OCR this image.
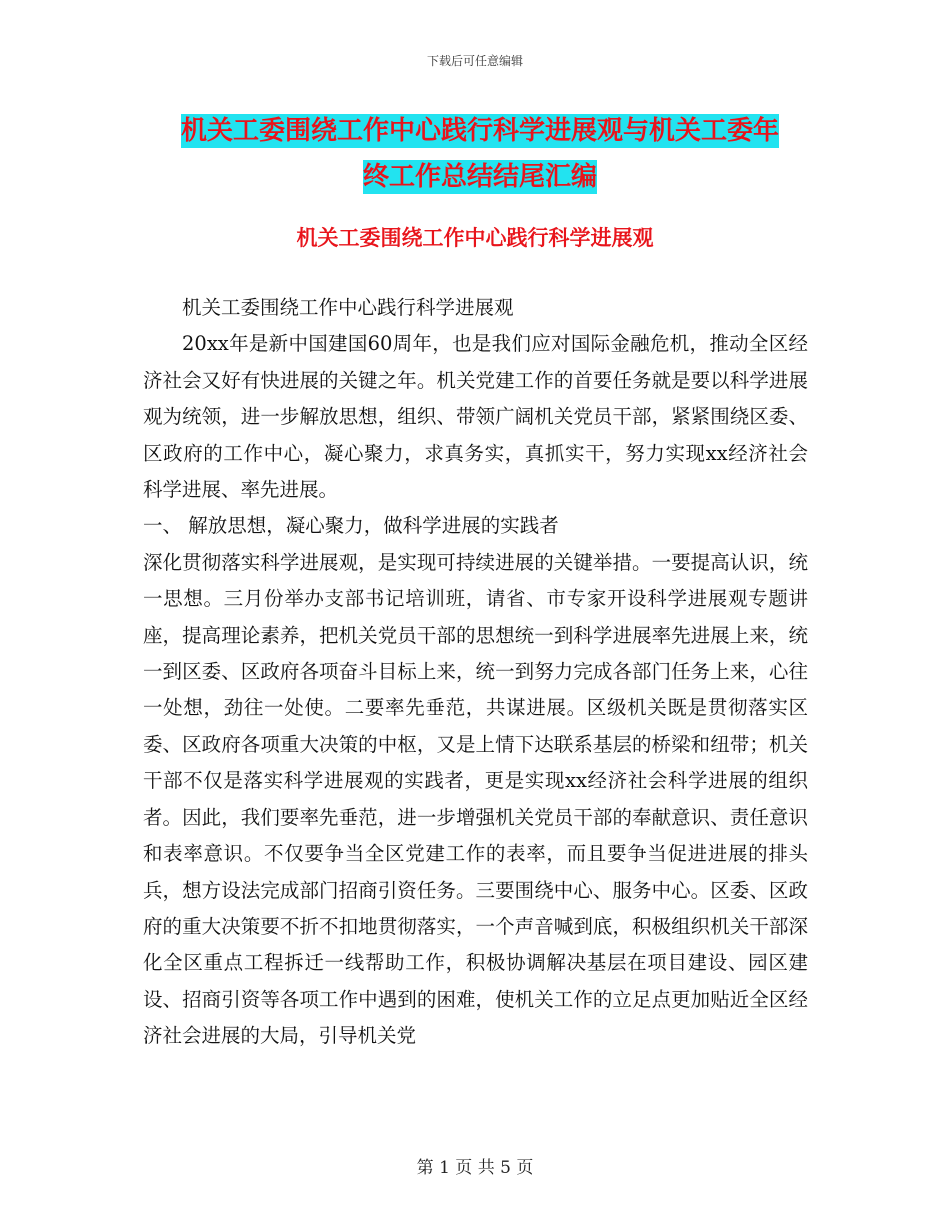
下载后可任意编辑
机关工委围绕工作中心践行科学进展观与机关工委年
终工作总结结尾汇编
机关工委围绕工作中心践行科学进展观

机关工委围绕工作中心践行科学进展观

20xx年是新中国建国60周年，也是我们应对国际金融危机，推动全区经济社会又好有快进展的关键之年。机关党建工作的首要任务就是要以科学进展观为统领，进一步解放思想，组织、带领广阔机关党员干部，紧紧围绕区委、区政府的工作中心，凝心聚力，求真务实，真抓实干，努力实现xx经济社会科学进展、率先进展。

一、 解放思想，凝心聚力，做科学进展的实践者

深化贯彻落实科学进展观，是实现可持续进展的关键举措。一要提高认识，统一思想。三月份举办支部书记培训班，请省、市专家开设科学进展观专题讲座，提高理论素养，把机关党员干部的思想统一到科学进展率先进展上来，统一到区委、区政府各项奋斗目标上来，统一到努力完成各部门任务上来，心往一处想，劲往一处使。二要率先垂范，共谋进展。区级机关既是贯彻落实区委、区政府各项重大决策的中枢，又是上情下达联系基层的桥梁和纽带；机关干部不仅是落实科学进展观的实践者，更是实现xx经济社会科学进展的组织者。因此，我们要率先垂范，进一步增强机关党员干部的奉献意识、责任意识和表率意识。不仅要争当全区党建工作的表率，而且要争当促进进展的排头兵，想方设法完成部门招商引资任务。三要围绕中心、服务中心。区委、区政府的重大决策要不折不扣地贯彻落实，一个声音喊到底，积极组织机关干部深化全区重点工程拆迁一线帮助工作，积极协调解决基层在项目建设、园区建设、招商引资等各项工作中遇到的困难，使机关工作的立足点更加贴近全区经济社会进展的大局，引导机关党

第 1 页 共 5 页
